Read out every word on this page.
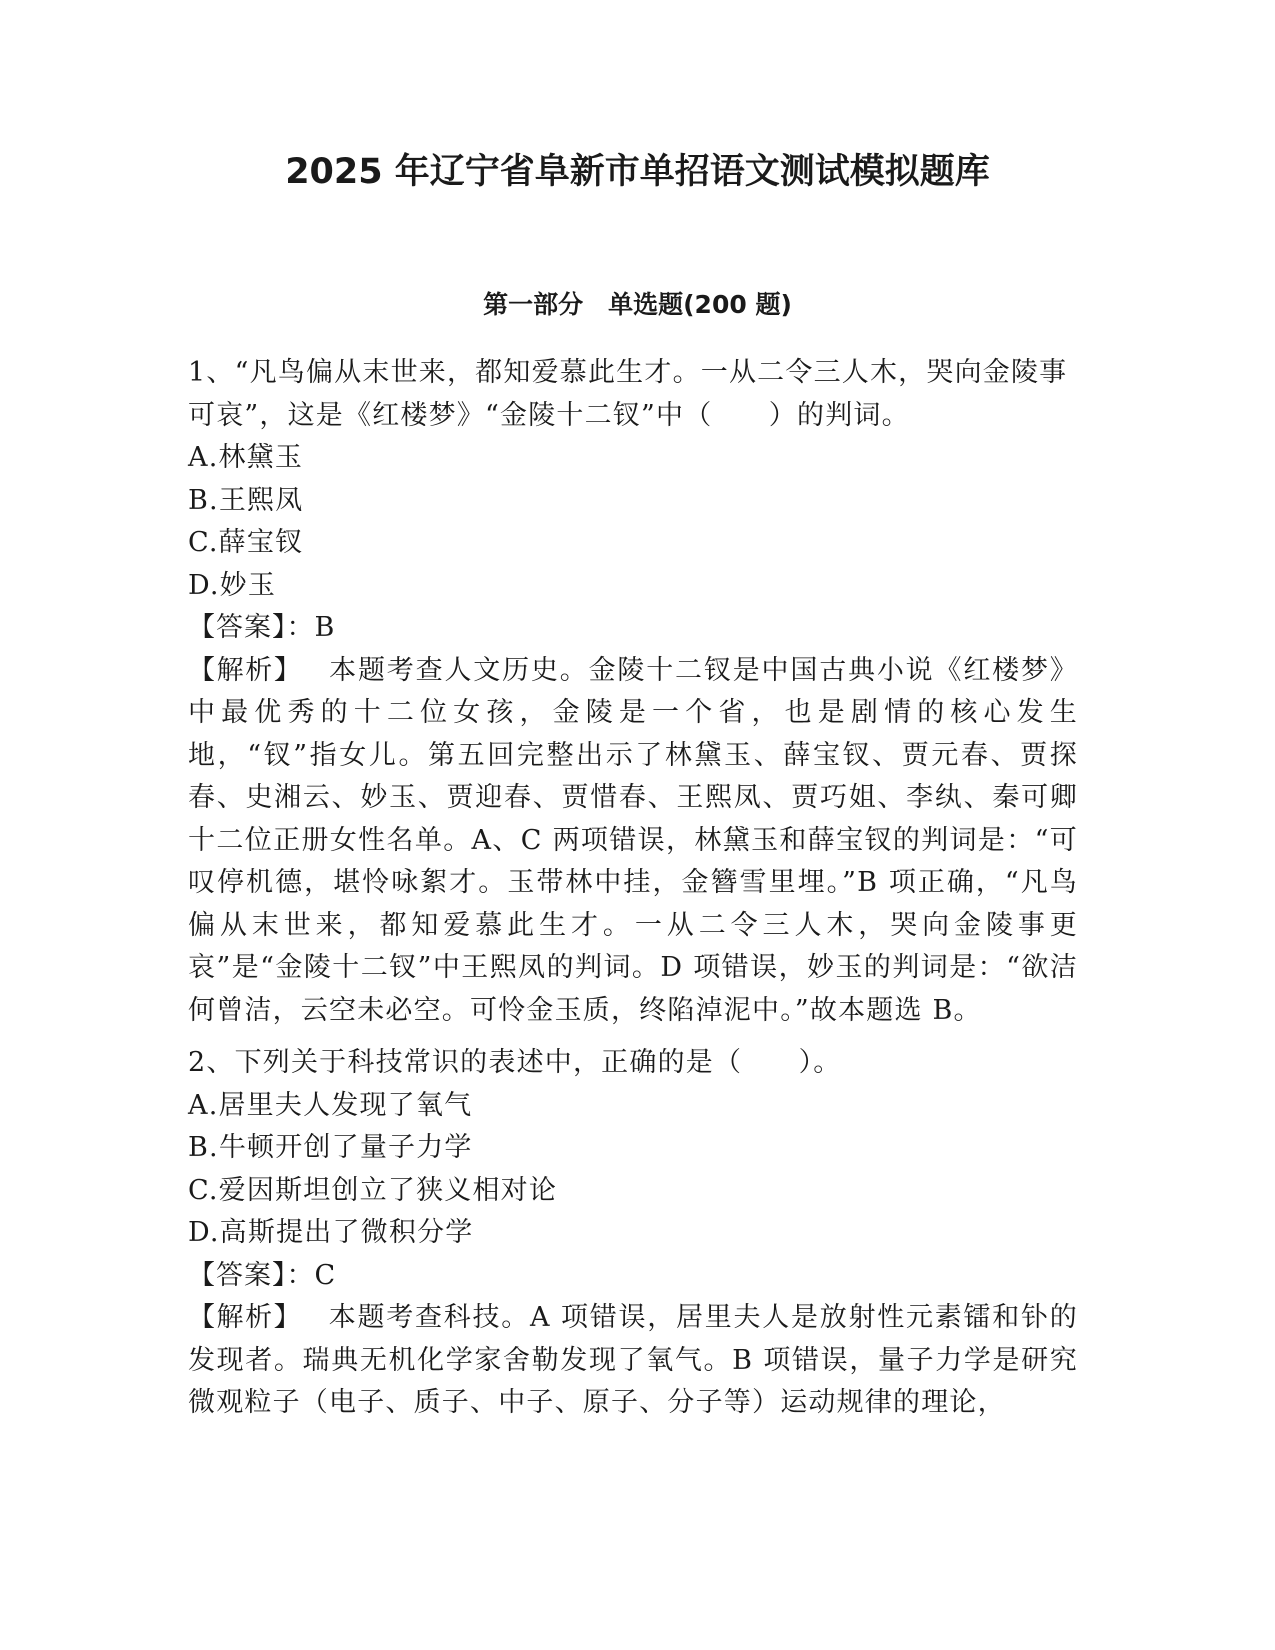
2025 年辽宁省阜新市单招语文测试模拟题库
第一部分　单选题(200 题)

1、“凡鸟偏从末世来，都知爱慕此生才。一从二令三人木，哭向金陵事可哀”，这是《红楼梦》“金陵十二钗”中（　　）的判词。

A.林黛玉

B.王熙凤

C.薛宝钗

D.妙玉

【答案】：B

【解析】 本题考查人文历史。金陵十二钗是中国古典小说《红楼梦》中最优秀的十二位女孩，金陵是一个省，也是剧情的核心发生地，“钗”指女儿。第五回完整出示了林黛玉、薛宝钗、贾元春、贾探春、史湘云、妙玉、贾迎春、贾惜春、王熙凤、贾巧姐、李纨、秦可卿十二位正册女性名单。A、C 两项错误，林黛玉和薛宝钗的判词是：“可叹停机德，堪怜咏絮才。玉带林中挂，金簪雪里埋。”B 项正确，“凡鸟偏从末世来，都知爱慕此生才。一从二令三人木，哭向金陵事更哀”是“金陵十二钗”中王熙凤的判词。D 项错误，妙玉的判词是：“欲洁何曾洁，云空未必空。可怜金玉质，终陷淖泥中。”故本题选 B。

2、下列关于科技常识的表述中，正确的是（　　）。

A.居里夫人发现了氧气

B.牛顿开创了量子力学

C.爱因斯坦创立了狭义相对论

D.高斯提出了微积分学

【答案】：C

【解析】 本题考查科技。A 项错误，居里夫人是放射性元素镭和钋的发现者。瑞典无机化学家舍勒发现了氧气。B 项错误，量子力学是研究微观粒子（电子、质子、中子、原子、分子等）运动规律的理论，
